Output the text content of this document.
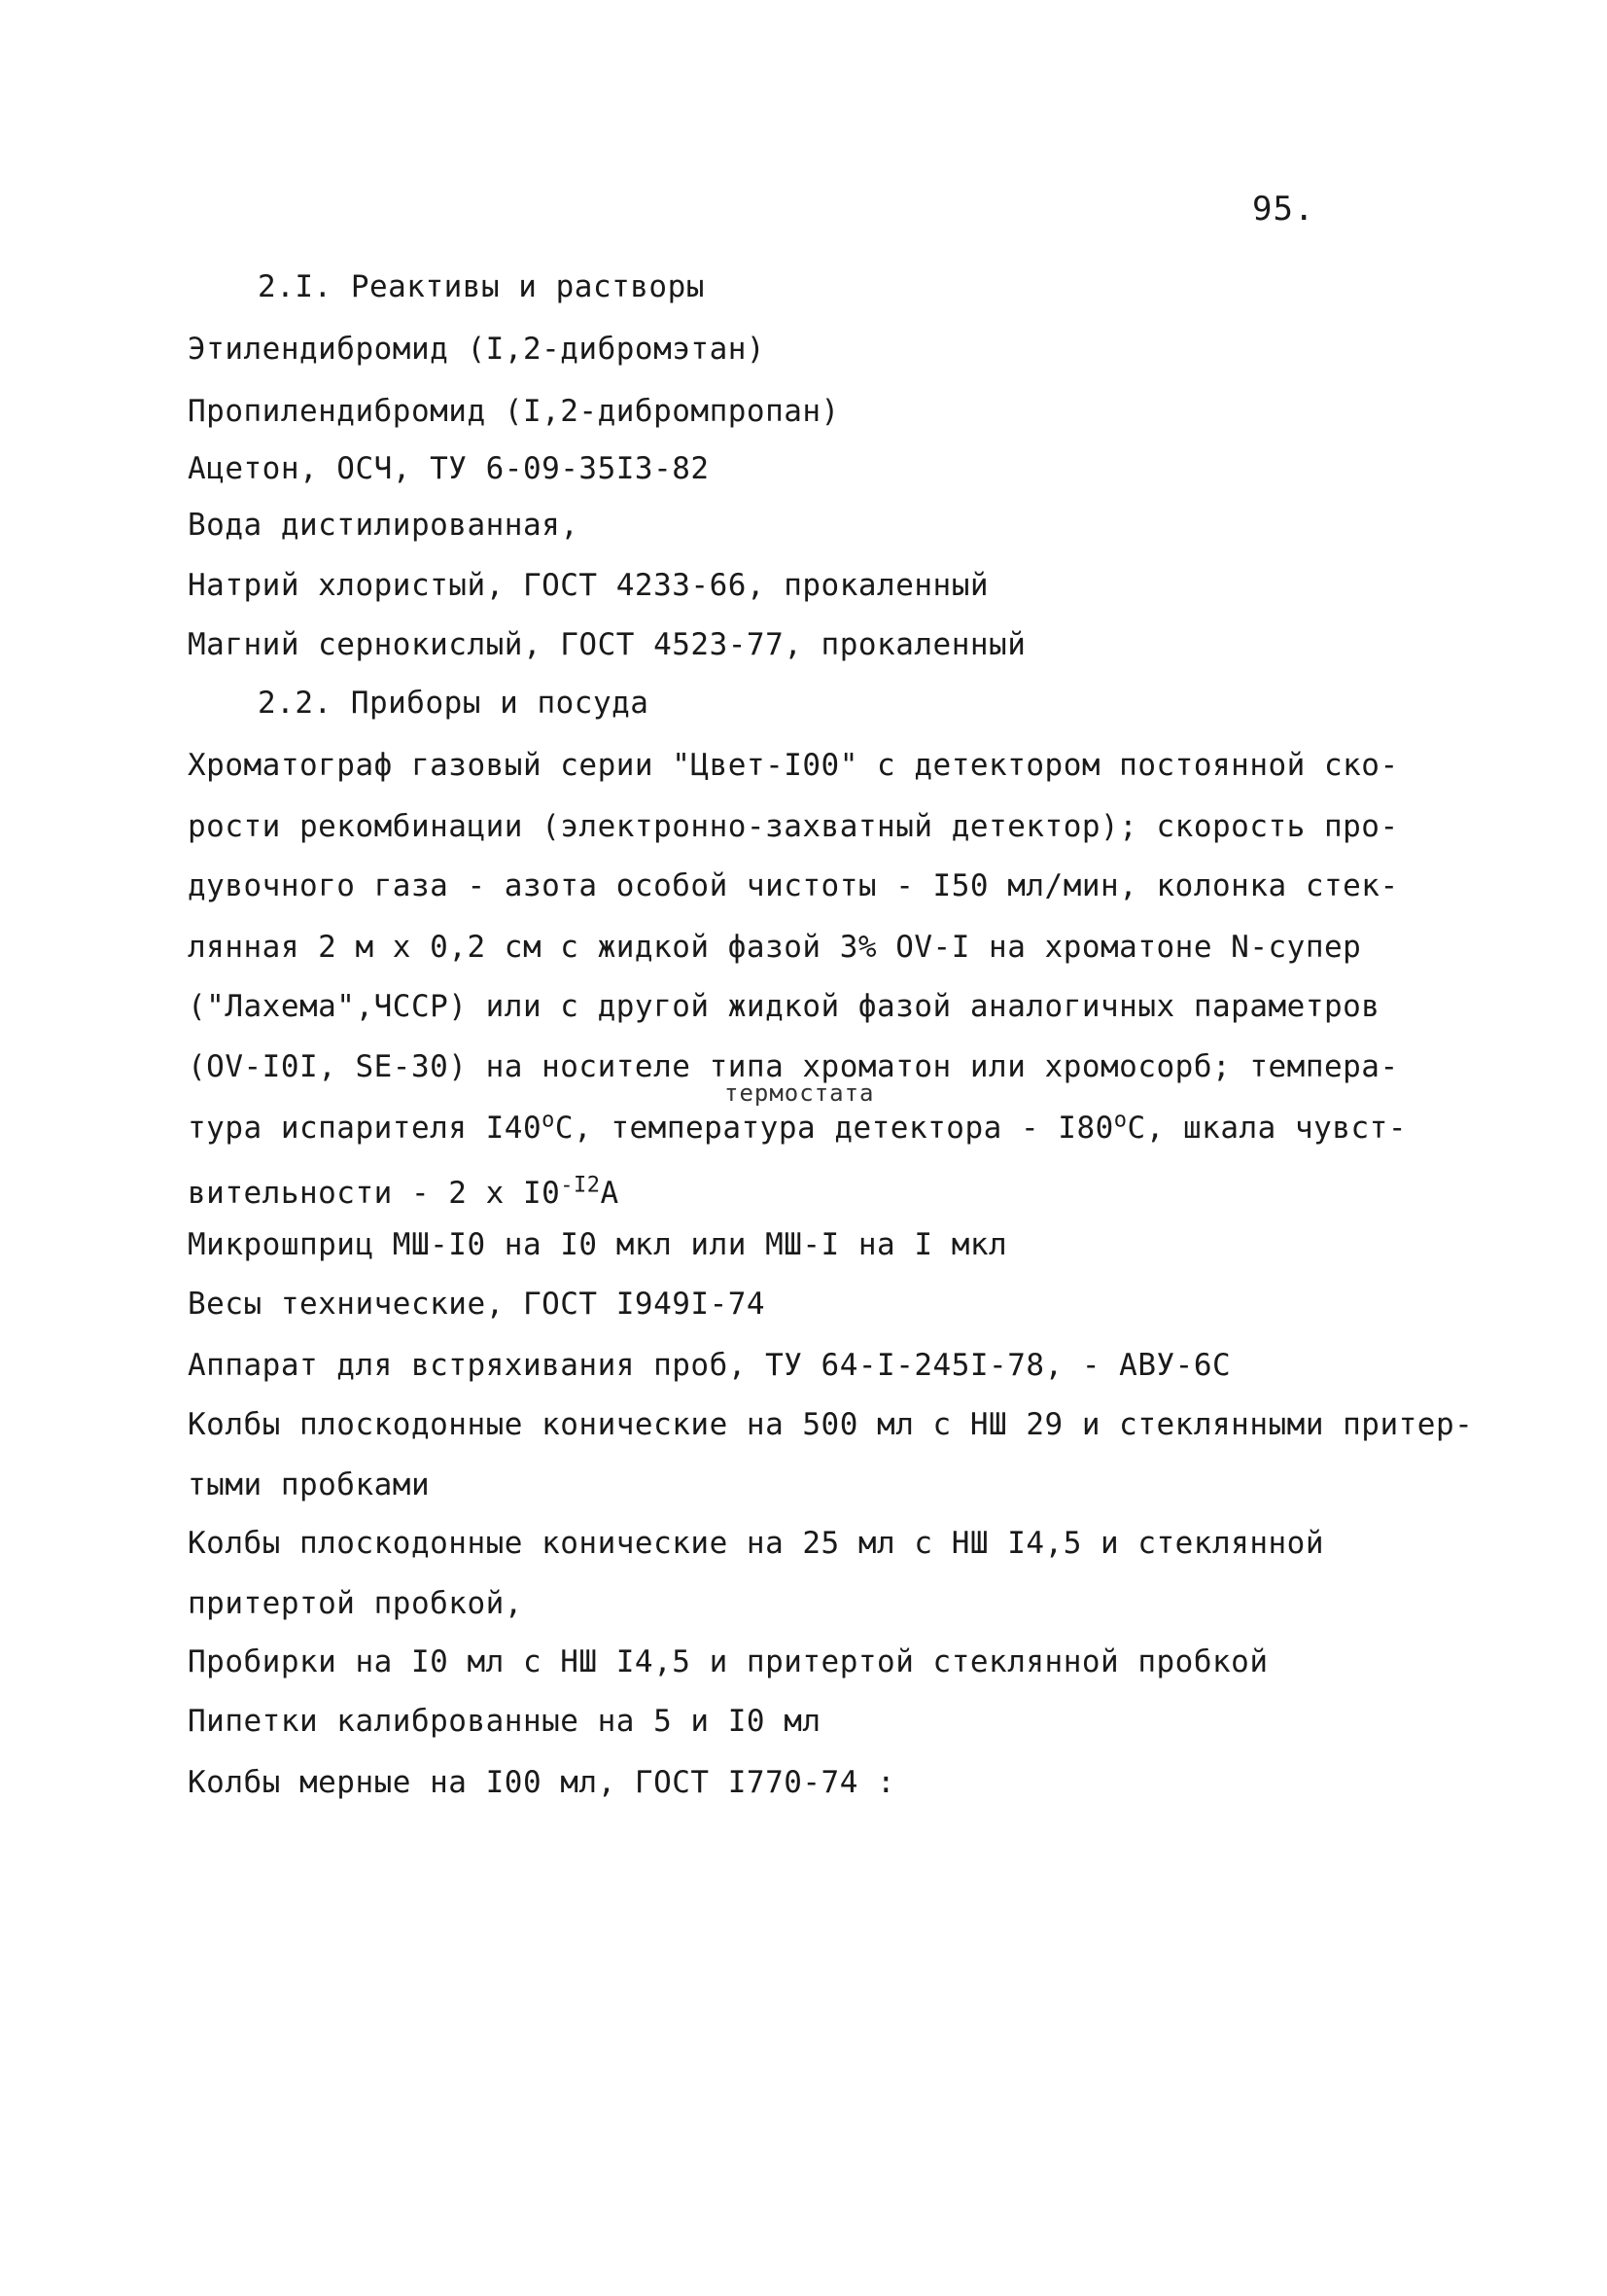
95.
2.I. Реактивы и растворы
Этилендибромид (I,2-дибромэтан)
Пропилендибромид (I,2-дибромпропан)
Ацетон, ОСЧ, ТУ 6-09-35I3-82
Вода дистилированная,
Натрий хлористый, ГОСТ 4233-66, прокаленный
Магний сернокислый, ГОСТ 4523-77, прокаленный
2.2. Приборы и посуда
Хроматограф газовый серии "Цвет-I00" с детектором постоянной ско-
рости рекомбинации (электронно-захватный детектор); скорость про-
дувочного газа - азота особой чистоты - I50 мл/мин, колонка стек-
лянная 2 м x 0,2 см с жидкой фазой 3% OV-I на хроматоне N-супер
("Лахема",ЧССР) или с другой жидкой фазой аналогичных параметров
(OV-I0I, SE-30) на носителе типа хроматон или хромосорб; темпера-
термостата
тура испарителя $I40^оС$, температура детектора - $I80^оС$, шкала чувст-
вительности - 2 x $I0^{-I2}А$
Микрошприц МШ-I0 на I0 мкл или МШ-I на I мкл
Весы технические, ГОСТ I949I-74
Аппарат для встряхивания проб, ТУ 64-I-245I-78, - АВУ-6С
Колбы плоскодонные конические на 500 мл с НШ 29 и стеклянными притер-
тыми пробками
Колбы плоскодонные конические на 25 мл с НШ I4,5 и стеклянной
притертой пробкой,
Пробирки на I0 мл с НШ I4,5 и притертой стеклянной пробкой
Пипетки калиброванные на 5 и I0 мл
Колбы мерные на I00 мл, ГОСТ I770-74 :
